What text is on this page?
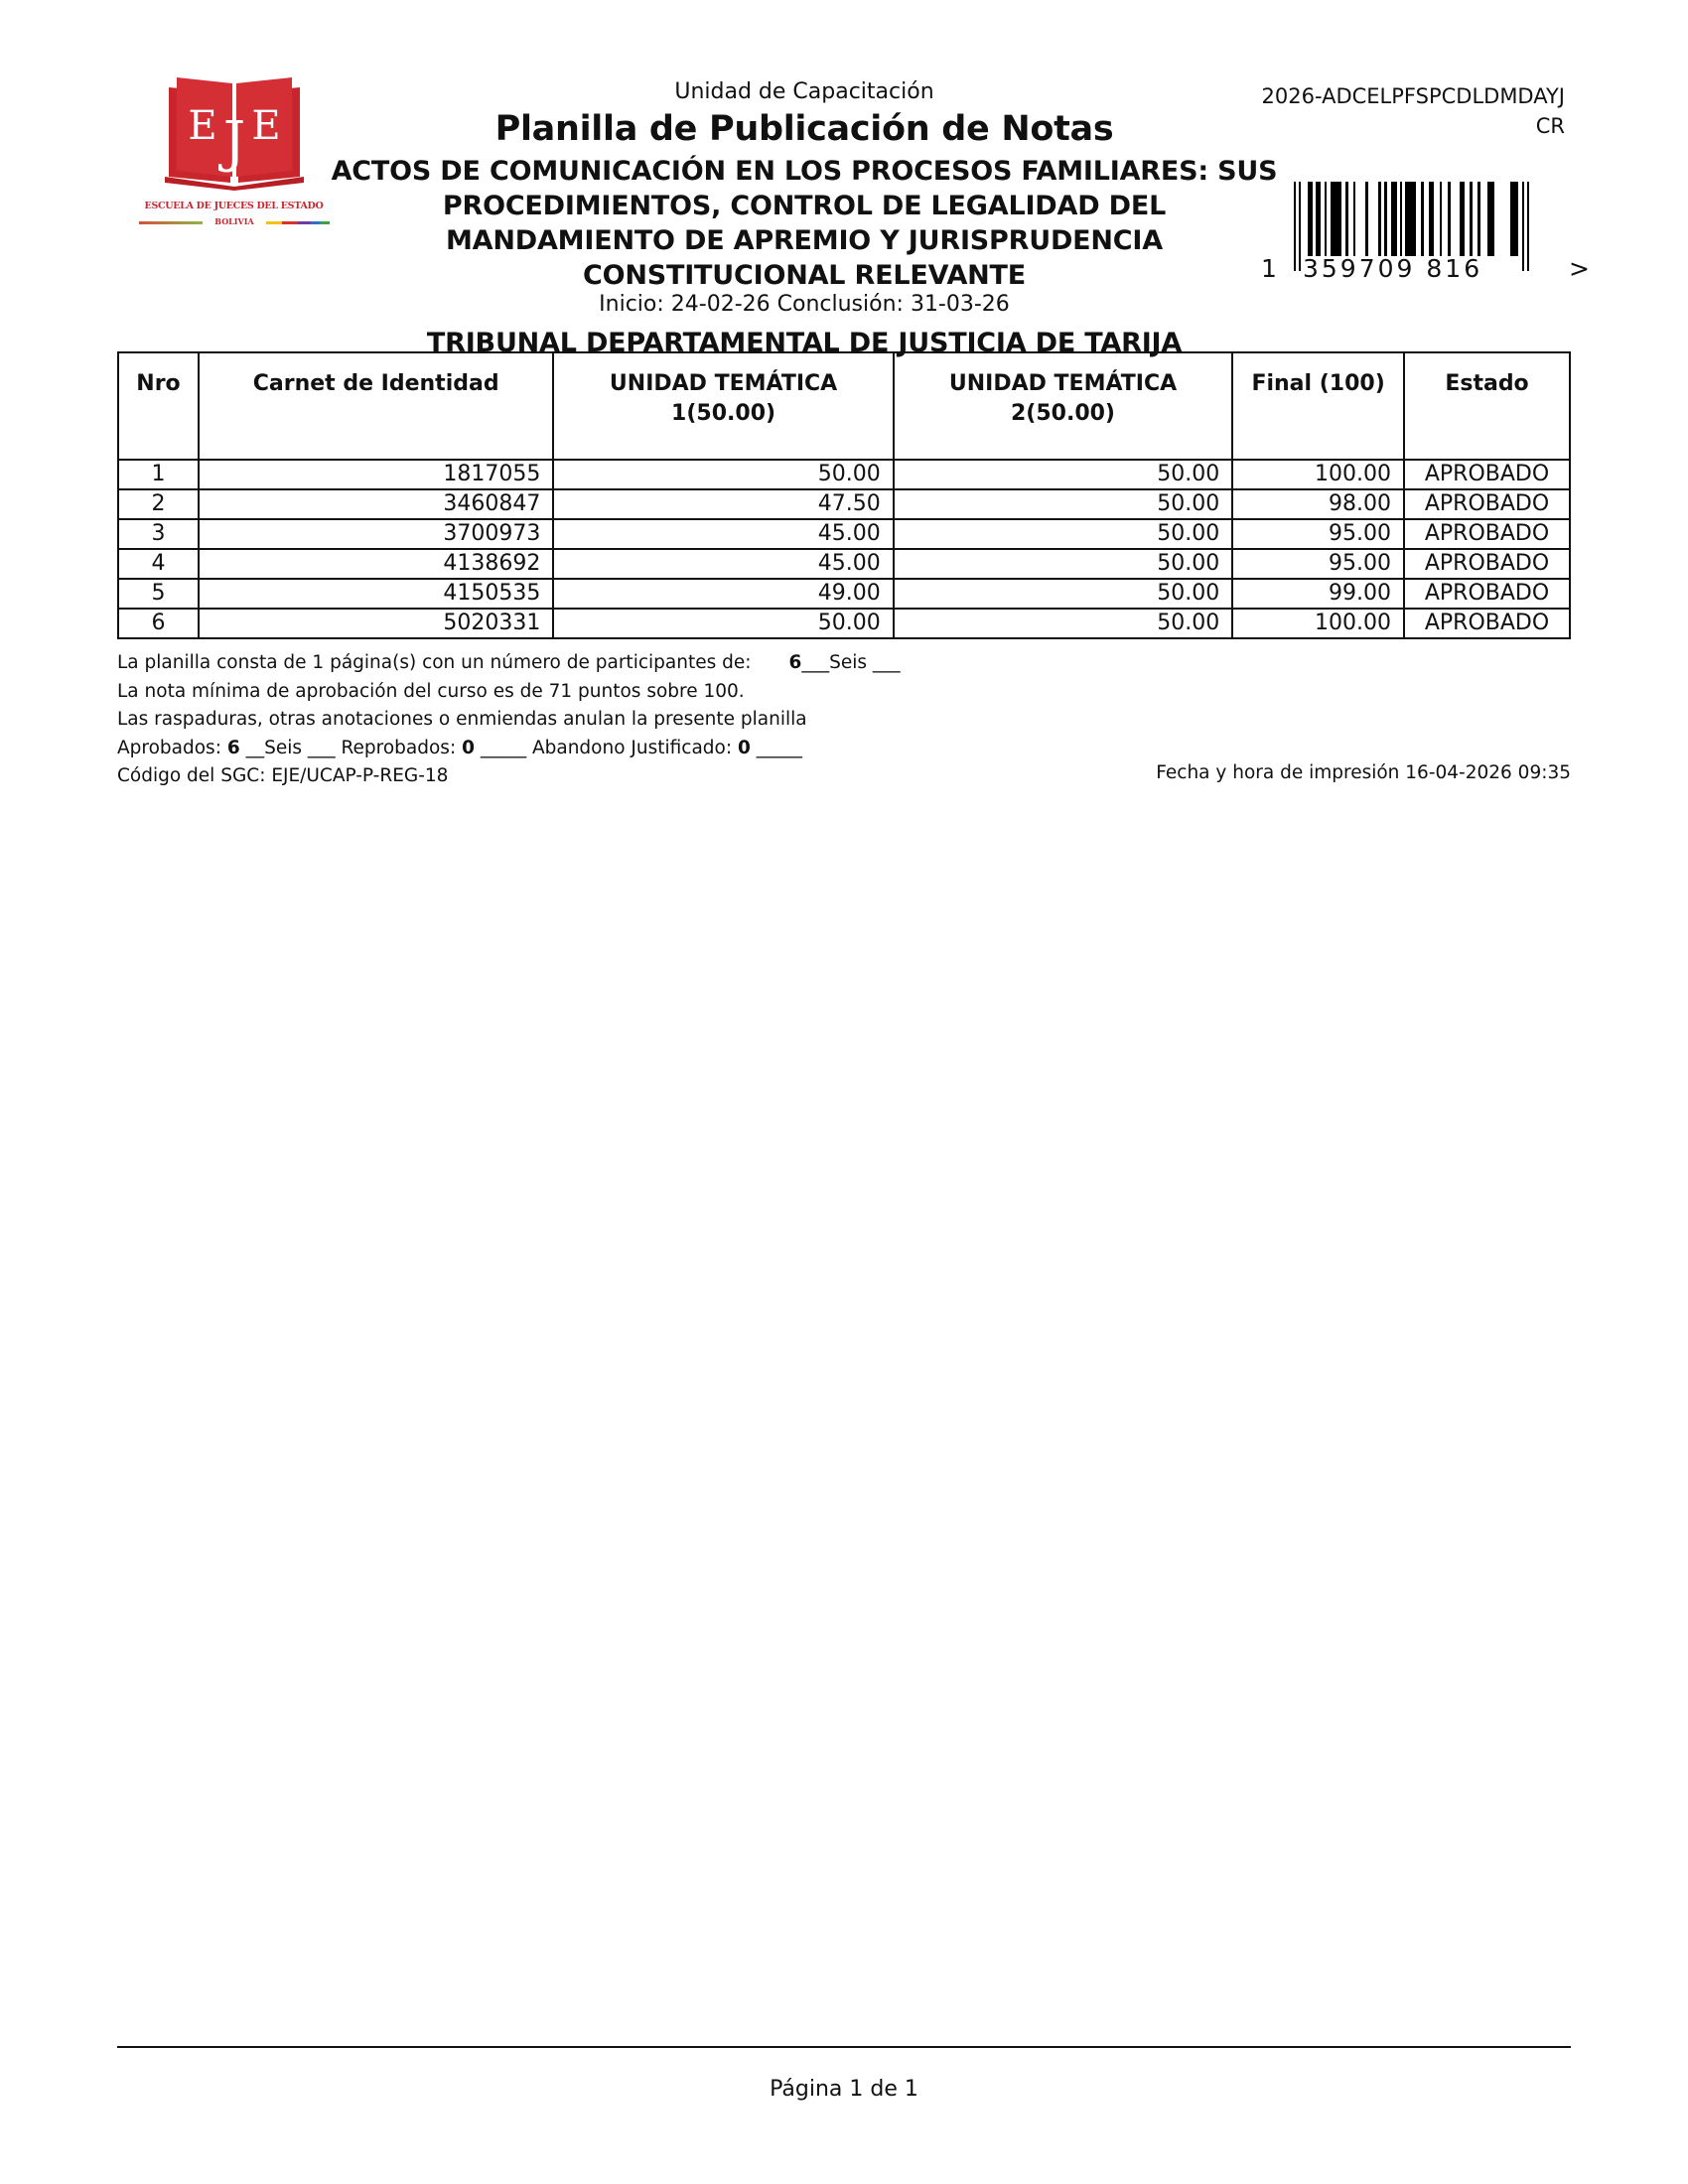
E E
J
ESCUELA DE JUECES DEL ESTADO
BOLIVIA
Unidad de Capacitación
Planilla de Publicación de Notas
ACTOS DE COMUNICACIÓN EN LOS PROCESOS FAMILIARES: SUS
PROCEDIMIENTOS, CONTROL DE LEGALIDAD DEL
MANDAMIENTO DE APREMIO Y JURISPRUDENCIA
CONSTITUCIONAL RELEVANTE
Inicio: 24-02-26 Conclusión: 31-03-26
TRIBUNAL DEPARTAMENTAL DE JUSTICIA DE TARIJA
2026-ADCELPFSPCDLDMDAYJCR
1 359709 816	>
Nro	Carnet de Identidad	UNIDAD TEMÁTICA 1(50.00)	UNIDAD TEMÁTICA 2(50.00)	Final (100)	Estado
1	1817055	50.00	50.00	100.00	APROBADO
2	3460847	47.50	50.00	98.00	APROBADO
3	3700973	45.00	50.00	95.00	APROBADO
4	4138692	45.00	50.00	95.00	APROBADO
5	4150535	49.00	50.00	99.00	APROBADO
6	5020331	50.00	50.00	100.00	APROBADO
La planilla consta de 1 página(s) con un número de participantes de: 6___Seis ___
La nota mínima de aprobación del curso es de 71 puntos sobre 100.
Las raspaduras, otras anotaciones o enmiendas anulan la presente planilla
Aprobados: 6 __Seis ___ Reprobados: 0 _____ Abandono Justificado: 0 _____
Código del SGC: EJE/UCAP-P-REG-18	Fecha y hora de impresión 16-04-2026 09:35
Página 1 de 1
